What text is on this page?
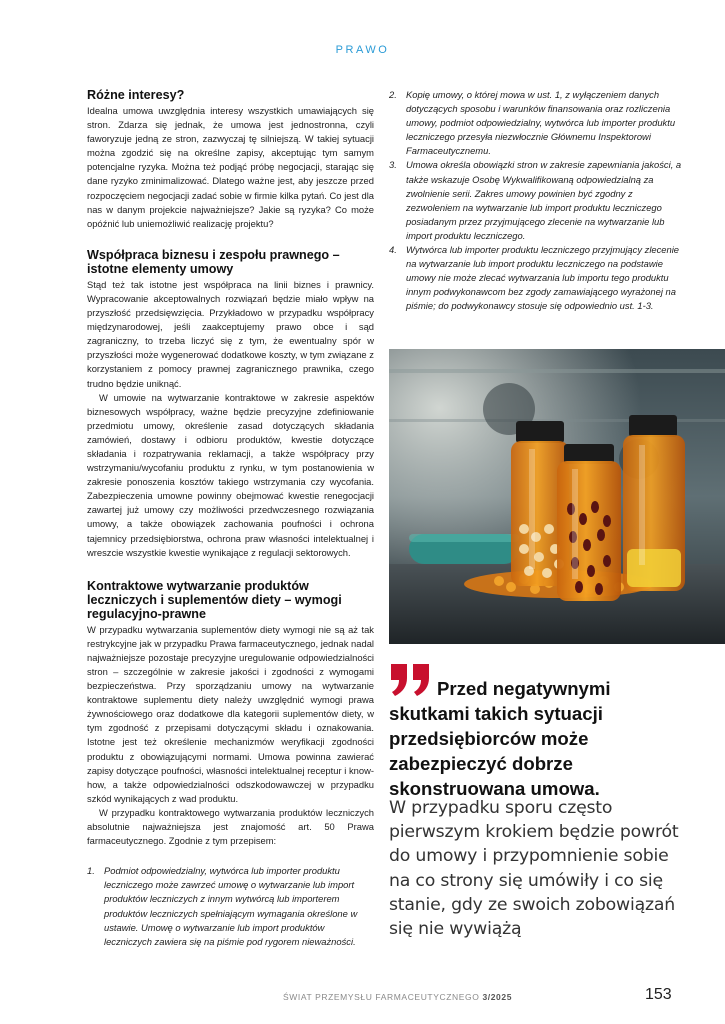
PRAWO
Różne interesy?

Idealna umowa uwzględnia interesy wszystkich umawiających się stron. Zdarza się jednak, że umowa jest jednostronna, czyli faworyzuje jedną ze stron, zazwyczaj tę silniejszą. W takiej sytuacji można zgodzić się na określne zapisy, akceptując tym samym potencjalne ryzyka. Można też podjąć próbę negocjacji, starając się dane ryzyko zminimalizować. Dlatego ważne jest, aby jeszcze przed rozpoczęciem negocjacji zadać sobie w firmie kilka pytań. Co jest dla nas w danym projekcie najważniejsze? Jakie są ryzyka? Co może opóźnić lub uniemożliwić realizację projektu?

Współpraca biznesu i zespołu prawnego – istotne elementy umowy

Stąd też tak istotne jest współpraca na linii biznes i prawnicy. Wypracowanie akceptowalnych rozwiązań będzie miało wpływ na przyszłość przedsięwzięcia. Przykładowo w przypadku współpracy międzynarodowej, jeśli zaakceptujemy prawo obce i sąd zagraniczny, to trzeba liczyć się z tym, że ewentualny spór w przyszłości może wygenerować dodatkowe koszty, w tym związane z korzystaniem z pomocy prawnej zagranicznego prawnika, czego trudno będzie uniknąć.

W umowie na wytwarzanie kontraktowe w zakresie aspektów biznesowych współpracy, ważne będzie precyzyjne zdefiniowanie przedmiotu umowy, określenie zasad dotyczących składania zamówień, dostawy i odbioru produktów, kwestie dotyczące składania i rozpatrywania reklamacji, a także współpracy przy wstrzymaniu/wycofaniu produktu z rynku, w tym postanowienia w zakresie ponoszenia kosztów takiego wstrzymania czy wycofania. Zabezpieczenia umowne powinny obejmować kwestie renegocjacji zawartej już umowy czy możliwości przedwczesnego rozwiązania umowy, a także obowiązek zachowania poufności i ochrona tajemnicy przedsiębiorstwa, ochrona praw własności intelektualnej i wreszcie wszystkie kwestie wynikające z regulacji sektorowych.

Kontraktowe wytwarzanie produktów leczniczych i suplementów diety – wymogi regulacyjno-prawne

W przypadku wytwarzania suplementów diety wymogi nie są aż tak restrykcyjne jak w przypadku Prawa farmaceutycznego, jednak nadal najważniejsze pozostaje precyzyjne uregulowanie odpowiedzialności stron – szczególnie w zakresie jakości i zgodności z wymogami bezpieczeństwa. Przy sporządzaniu umowy na wytwarzanie kontraktowe suplementu diety należy uwzględnić wymogi prawa żywnościowego oraz dodatkowe dla kategorii suplementów diety, w tym zgodność z przepisami dotyczącymi składu i oznakowania. Istotne jest też określenie mechanizmów weryfikacji zgodności produktu z obowiązującymi normami. Umowa powinna zawierać zapisy dotyczące poufności, własności intelektualnej receptur i know-how, a także odpowiedzialności odszkodowawczej w przypadku szkód wynikających z wad produktu.

W przypadku kontraktowego wytwarzania produktów leczniczych absolutnie najważniejsza jest znajomość art. 50 Prawa farmaceutycznego. Zgodnie z tym przepisem:

1. Podmiot odpowiedzialny, wytwórca lub importer produktu leczniczego może zawrzeć umowę o wytwarzanie lub import produktów leczniczych z innym wytwórcą lub importerem produktów leczniczych spełniającym wymagania określone w ustawie. Umowę o wytwarzanie lub import produktów leczniczych zawiera się na piśmie pod rygorem nieważności.
2. Kopię umowy, o której mowa w ust. 1, z wyłączeniem danych dotyczących sposobu i warunków finansowania oraz rozliczenia umowy, podmiot odpowiedzialny, wytwórca lub importer produktu leczniczego przesyła niezwłocznie Głównemu Inspektorowi Farmaceutycznemu.
3. Umowa określa obowiązki stron w zakresie zapewniania jakości, a także wskazuje Osobę Wykwalifikowaną odpowiedzialną za zwolnienie serii. Zakres umowy powinien być zgodny z zezwoleniem na wytwarzanie lub import produktu leczniczego posiadanym przez przyjmującego zlecenie na wytwarzanie lub import produktu leczniczego.
4. Wytwórca lub importer produktu leczniczego przyjmujący zlecenie na wytwarzanie lub import produktu leczniczego na podstawie umowy nie może zlecać wytwarzania lub importu tego produktu innym podwykonawcom bez zgody zamawiającego wyrażonej na piśmie; do podwykonawcy stosuje się odpowiednio ust. 1-3.
Przed negatywnymi
skutkami takich sytuacji przedsiębiorców może zabezpieczyć dobrze skonstruowana umowa.
W przypadku sporu często pierwszym krokiem będzie powrót do umowy i przypomnienie sobie na co strony się umówiły i co się stanie, gdy ze swoich zobowiązań się nie wywiążą
ŚWIAT PRZEMYSŁU FARMACEUTYCZNEGO 3/2025	153
